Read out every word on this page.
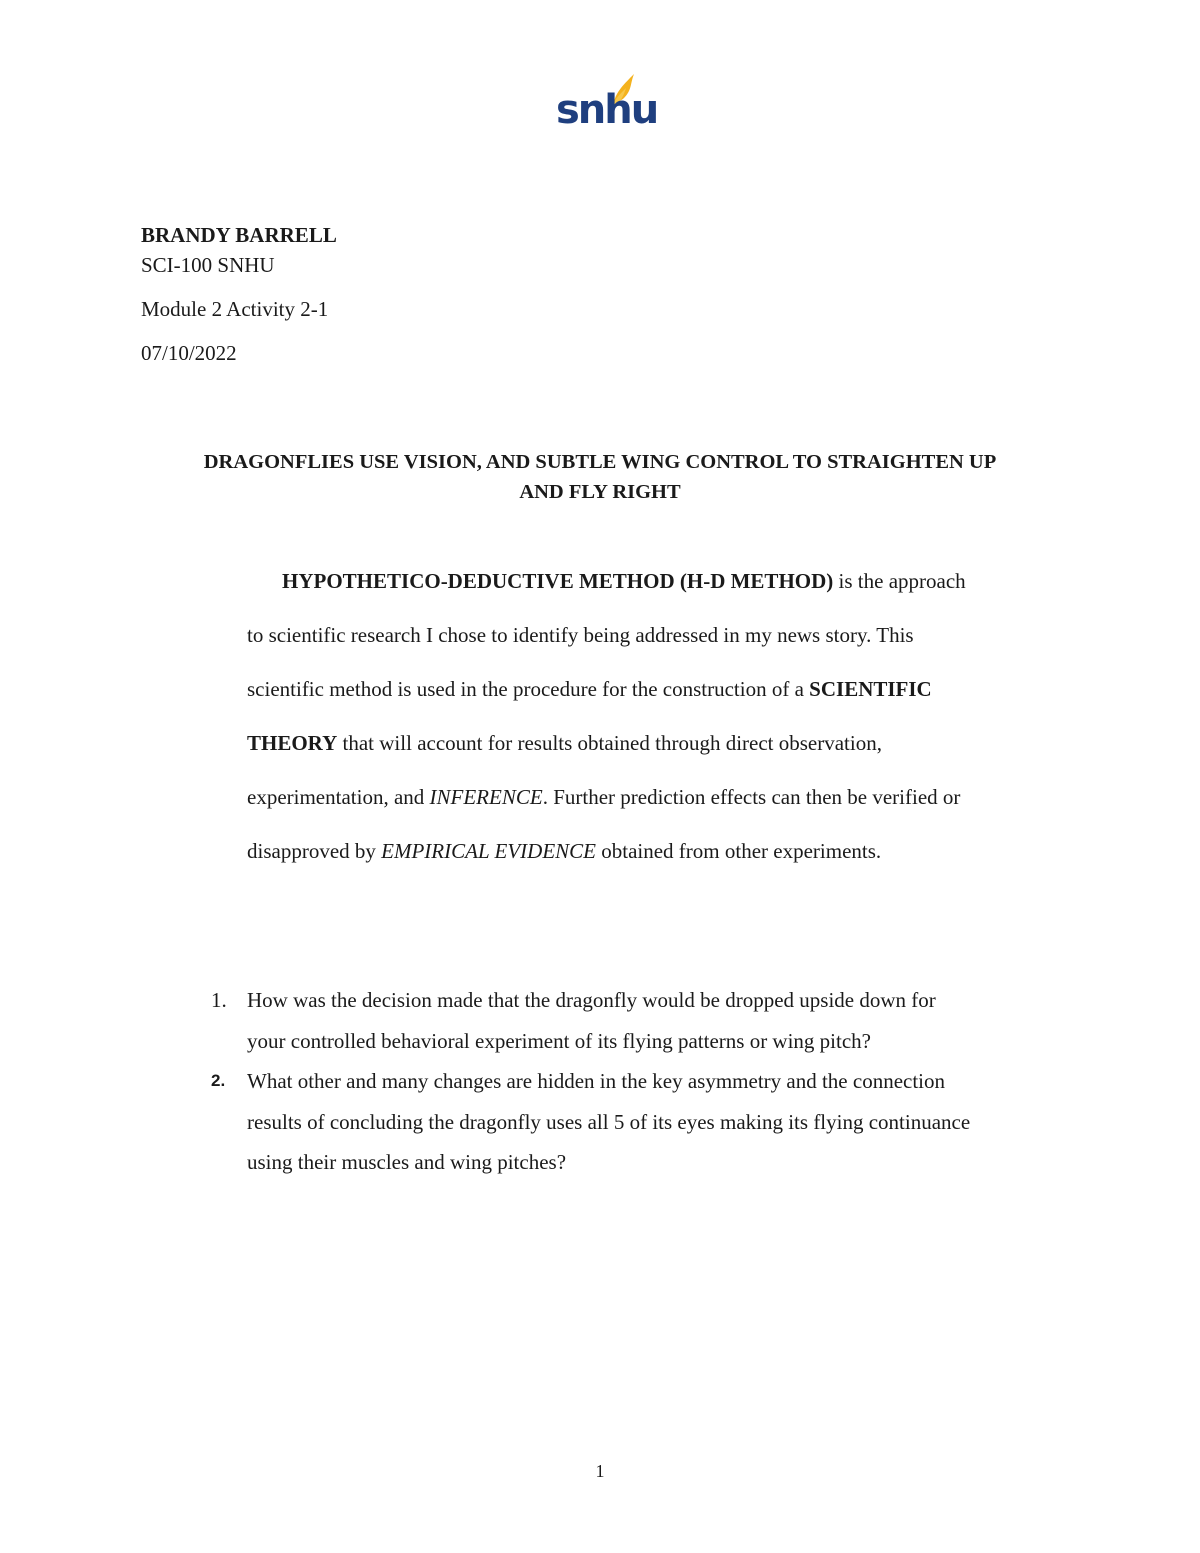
snhu
BRANDY BARRELL
SCI-100 SNHU
Module 2 Activity 2-1
07/10/2022
DRAGONFLIES USE VISION, AND SUBTLE WING CONTROL TO STRAIGHTEN UP
AND FLY RIGHT
HYPOTHETICO-DEDUCTIVE METHOD (H-D METHOD) is the approach
to scientific research I chose to identify being addressed in my news story. This
scientific method is used in the procedure for the construction of a SCIENTIFIC
THEORY that will account for results obtained through direct observation,
experimentation, and INFERENCE. Further prediction effects can then be verified or
disapproved by EMPIRICAL EVIDENCE obtained from other experiments.
1. How was the decision made that the dragonfly would be dropped upside down for
your controlled behavioral experiment of its flying patterns or wing pitch?
2. What other and many changes are hidden in the key asymmetry and the connection
results of concluding the dragonfly uses all 5 of its eyes making its flying continuance
using their muscles and wing pitches?
1
